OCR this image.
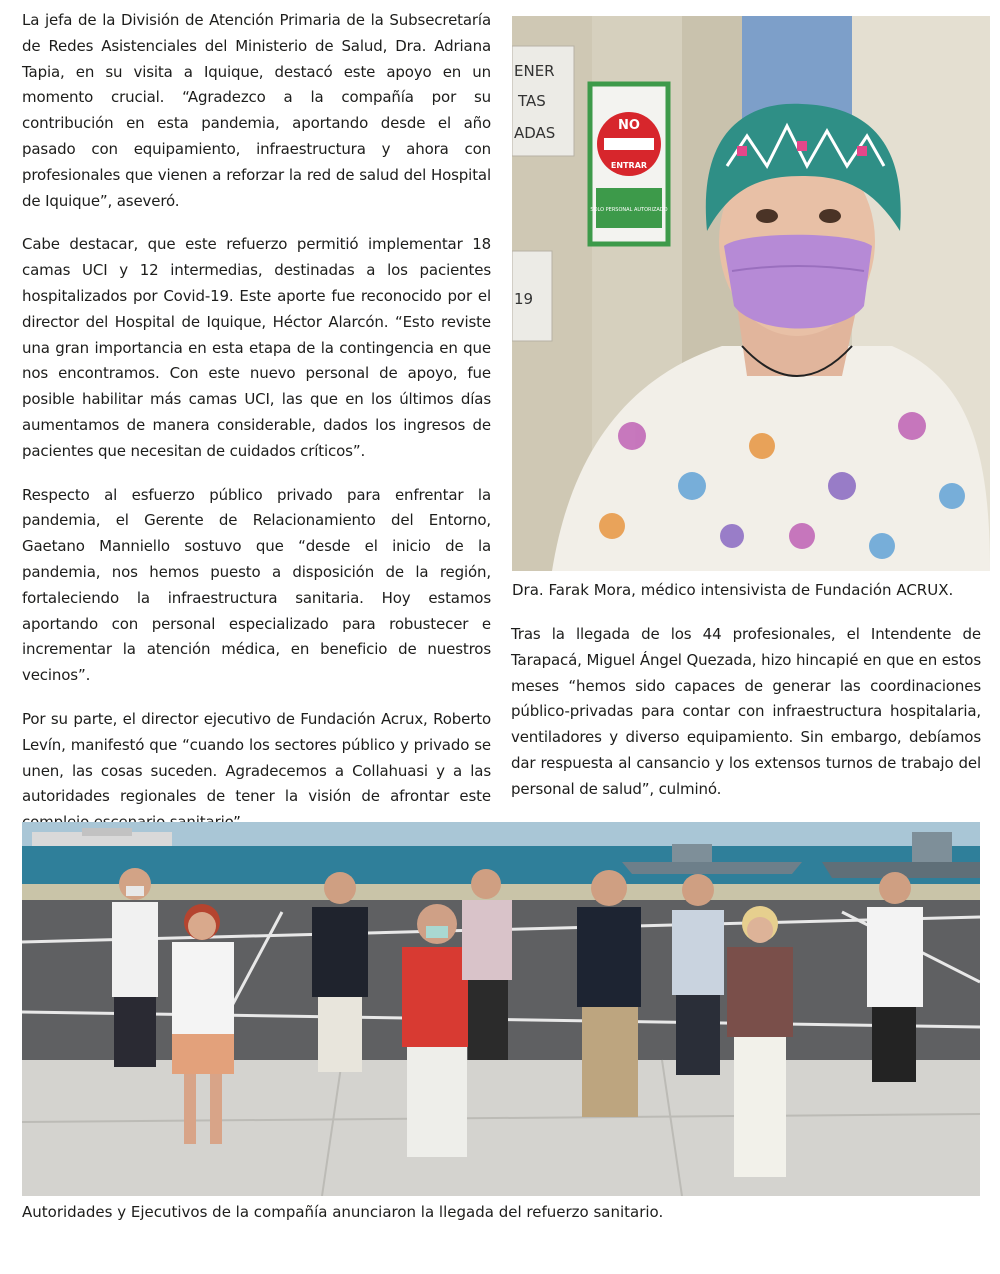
La jefa de la División de Atención Primaria de la Subsecretaría de Redes Asistenciales del Ministerio de Salud, Dra. Adriana Tapia, en su visita a Iquique, destacó este apoyo en un momento crucial. “Agradezco a la compañía por su contribución en esta pandemia, aportando desde el año pasado con equipamiento, infraestructura y ahora con profesionales que vienen a reforzar la red de salud del Hospital de Iquique”, aseveró.

Cabe destacar, que este refuerzo permitió implementar 18 camas UCI y 12 intermedias, destinadas a los pacientes hospitalizados por Covid-19. Este aporte fue reconocido por el director del Hospital de Iquique, Héctor Alarcón. “Esto reviste una gran importancia en esta etapa de la contingencia en que nos encontramos. Con este nuevo personal de apoyo, fue posible habilitar más camas UCI, las que en los últimos días aumentamos de manera considerable, dados los ingresos de pacientes que necesitan de cuidados críticos”.

Respecto al esfuerzo público privado para enfrentar la pandemia, el Gerente de Relacionamiento del Entorno, Gaetano Manniello sostuvo que “desde el inicio de la pandemia, nos hemos puesto a disposición de la región, fortaleciendo la infraestructura sanitaria. Hoy estamos aportando con personal especializado para robustecer e incrementar la atención médica, en beneficio de nuestros vecinos”.

Por su parte, el director ejecutivo de Fundación Acrux, Roberto Levín, manifestó que “cuando los sectores público y privado se unen, las cosas suceden. Agradecemos a Collahuasi y a las autoridades regionales de tener la visión de afrontar este

ENER
TAS
ADAS
19
NO
ENTRAR
SOLO PERSONAL AUTORIZADO

Dra. Farak Mora, médico intensivista de Fundación ACRUX.

Tras la llegada de los 44 profesionales, el Intendente de Tarapacá, Miguel Ángel Quezada, hizo hincapié en que en estos meses “hemos sido capaces de generar las coordinaciones público-privadas para contar con infraestructura hospitalaria, ventiladores y diverso equipamiento. Sin embargo, debíamos dar respuesta al cansancio y los extensos turnos de trabajo del personal de salud”, culminó.

Autoridades y Ejecutivos de la compañía anunciaron la llegada del refuerzo sanitario.
